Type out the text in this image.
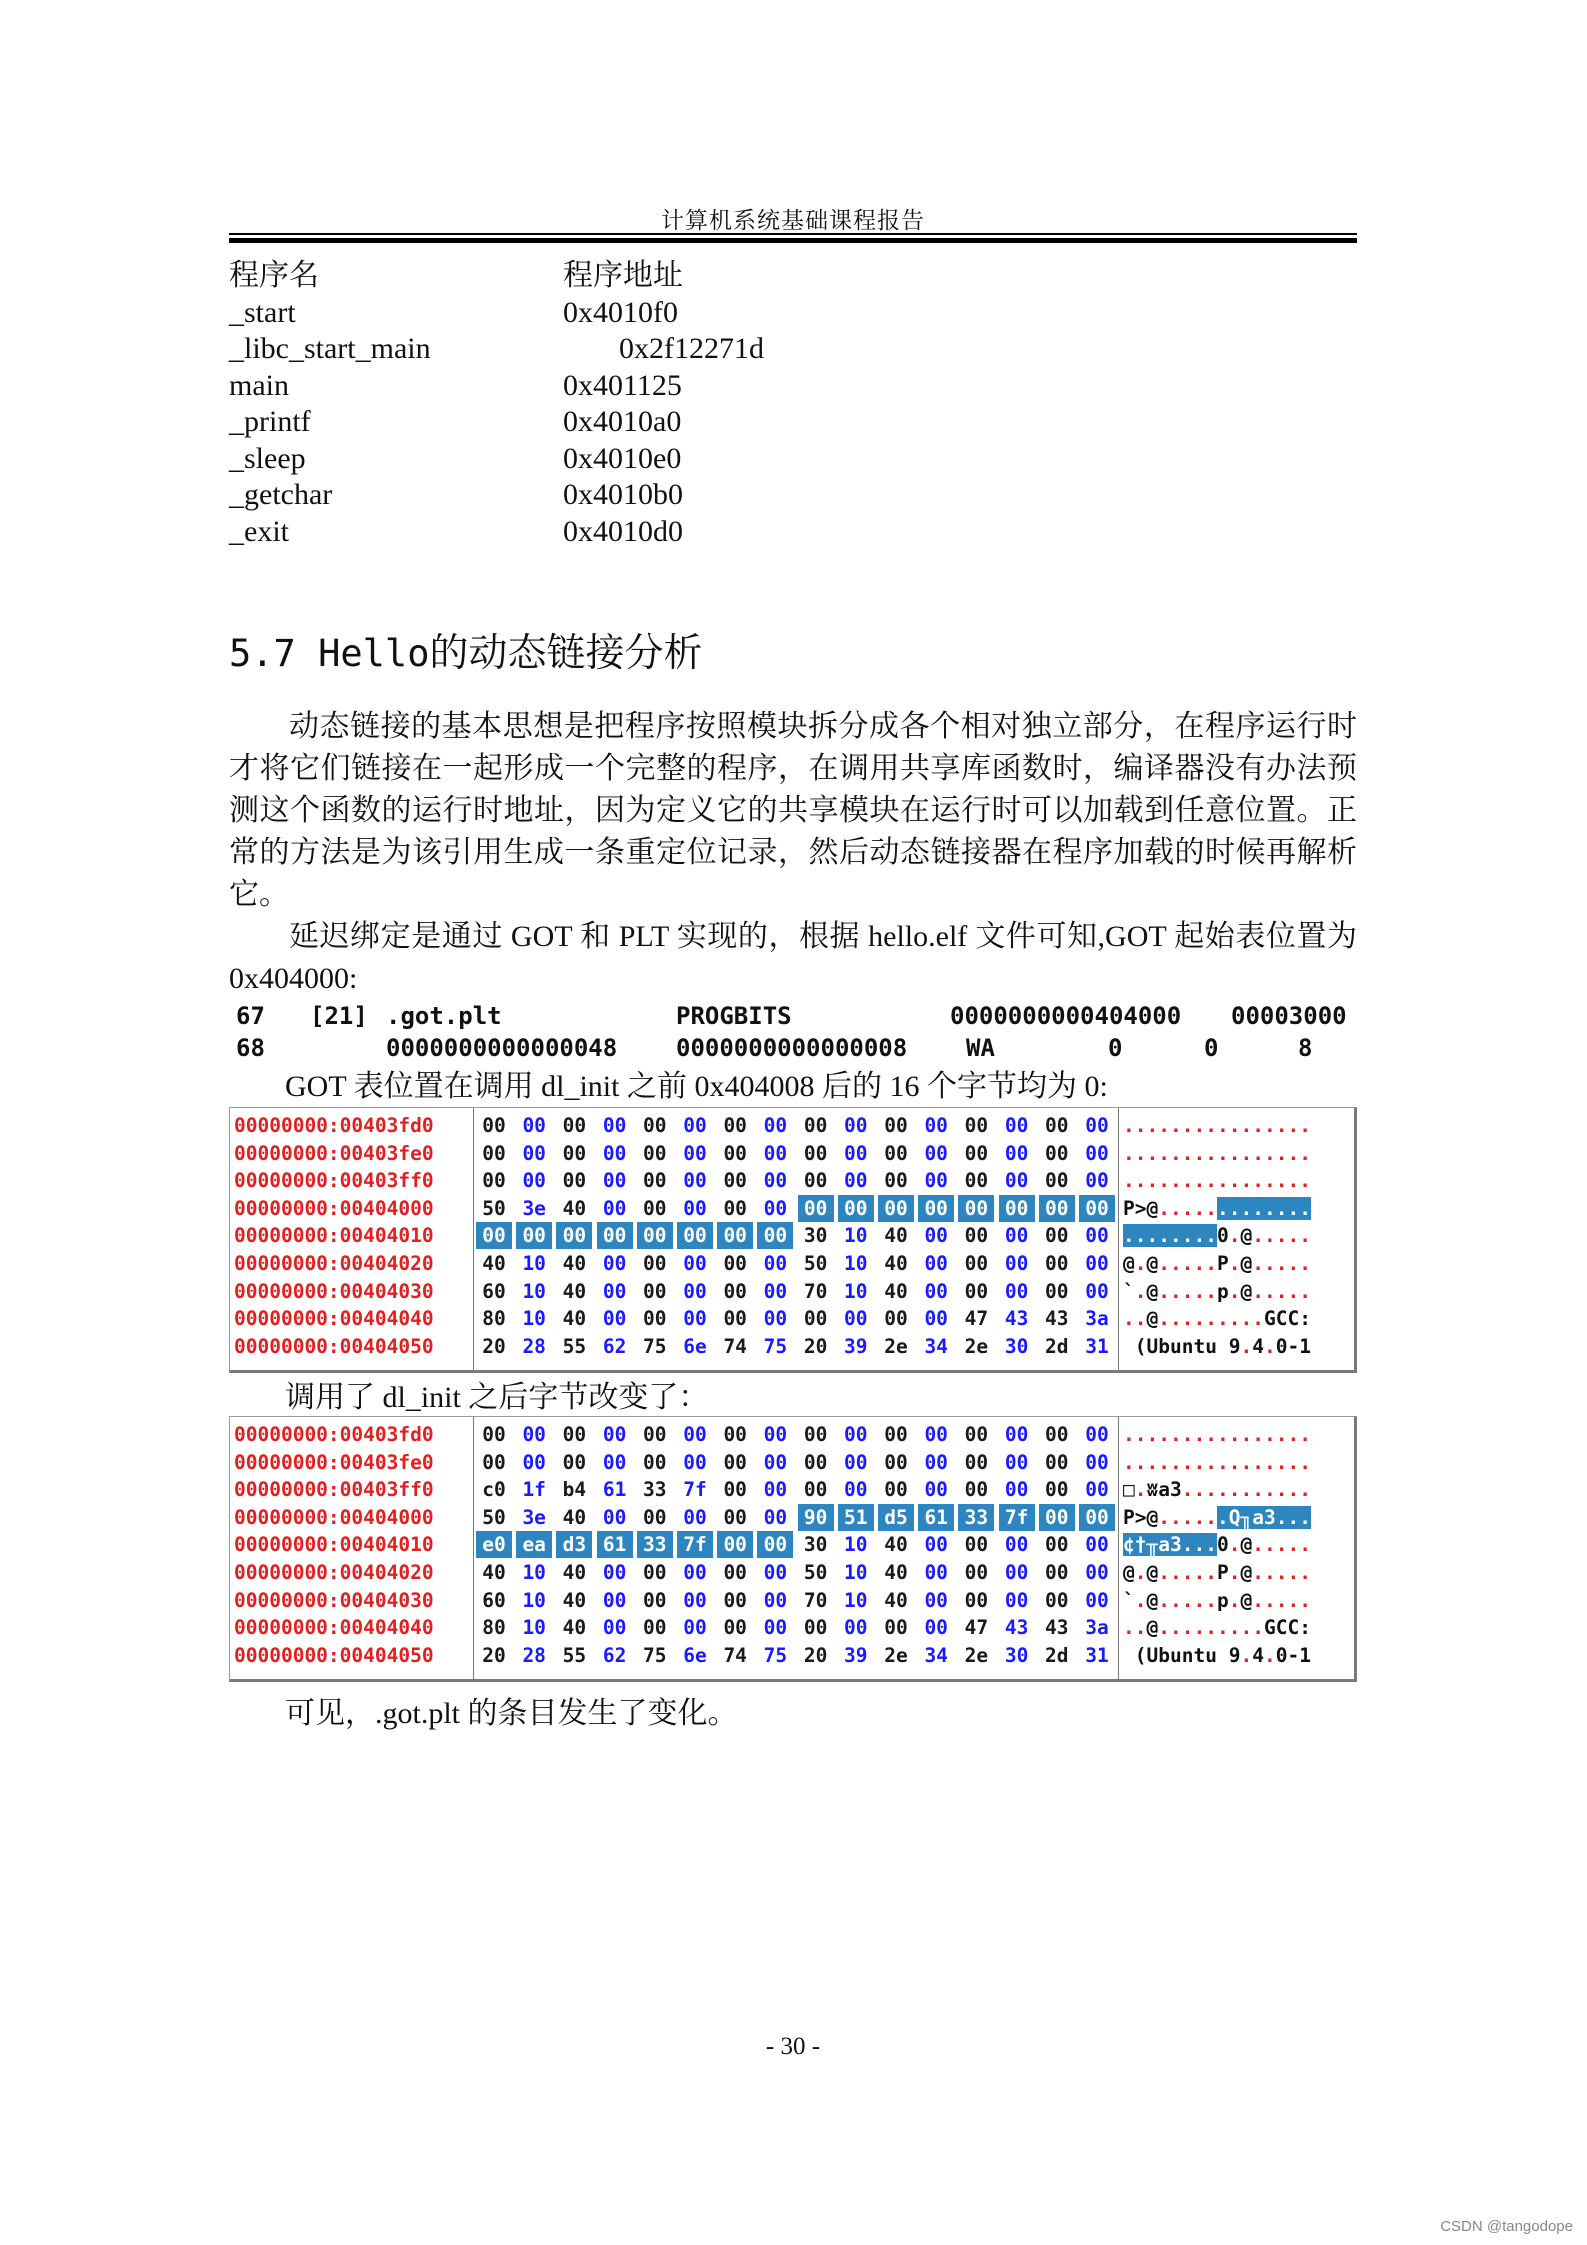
计算机系统基础课程报告
程序名	程序地址
_start	0x4010f0
_libc_start_main	0x2f12271d
main	0x401125
_printf	0x4010a0
_sleep	0x4010e0
_getchar	0x4010b0
_exit	0x4010d0
5.7 Hello的动态链接分析
动态链接的基本思想是把程序按照模块拆分成各个相对独立部分，在程序运行时才将它们链接在一起形成一个完整的程序，在调用共享库函数时，编译器没有办法预测这个函数的运行时地址，因为定义它的共享模块在运行时可以加载到任意位置。正常的方法是为该引用生成一条重定位记录，然后动态链接器在程序加载的时候再解析它。
延迟绑定是通过 GOT 和 PLT 实现的，根据 hello.elf 文件可知,GOT 起始表位置为 0x404000:
67 [21] .got.plt	PROGBITS	0000000000404000 00003000
68	0000000000000048 0000000000000008 WA	0	0	8
GOT 表位置在调用 dl_init 之前 0x404008 后的 16 个字节均为 0:
00000000:00403fd0	00 00 00 00 00 00 00 00 00 00 00 00 00 00 00 00 ................
00000000:00403fe0	00 00 00 00 00 00 00 00 00 00 00 00 00 00 00 00 ................
00000000:00403ff0	00 00 00 00 00 00 00 00 00 00 00 00 00 00 00 00 ................
00000000:00404000	50 3e 40 00 00 00 00 00 00 00 00 00 00 00 00 00 P>@.............
00000000:00404010	00 00 00 00 00 00 00 00 30 10 40 00 00 00 00 00 ........0.@.....
00000000:00404020	40 10 40 00 00 00 00 00 50 10 40 00 00 00 00 00 @.@.....P.@.....
00000000:00404030	60 10 40 00 00 00 00 00 70 10 40 00 00 00 00 00 `.@.....p.@.....
00000000:00404040	80 10 40 00 00 00 00 00 00 00 00 00 47 43 43 3a ..@.........GCC:
00000000:00404050	20 28 55 62 75 6e 74 75 20 39 2e 34 2e 30 2d 31	(Ubuntu 9.4.0-1
调用了 dl_init 之后字节改变了：
00000000:00403fd0	00 00 00 00 00 00 00 00 00 00 00 00 00 00 00 00 ................
00000000:00403fe0	00 00 00 00 00 00 00 00 00 00 00 00 00 00 00 00 ................
00000000:00403ff0	c0 1f b4 61 33 7f 00 00 00 00 00 00 00 00 00 00 □.ʬa3...........
00000000:00404000	50 3e 40 00 00 00 00 00 90 51 d5 61 33 7f 00 00 P>@......Q╖a3...
00000000:00404010	e0 ea d3 61 33 7f 00 00 30 10 40 00 00 00 00 00 ¢†╥a3...0.@.....
00000000:00404020	40 10 40 00 00 00 00 00 50 10 40 00 00 00 00 00 @.@.....P.@.....
00000000:00404030	60 10 40 00 00 00 00 00 70 10 40 00 00 00 00 00 `.@.....p.@.....
00000000:00404040	80 10 40 00 00 00 00 00 00 00 00 00 47 43 43 3a ..@.........GCC:
00000000:00404050	20 28 55 62 75 6e 74 75 20 39 2e 34 2e 30 2d 31	(Ubuntu 9.4.0-1
可见，.got.plt 的条目发生了变化。
- 30 -
CSDN @tangodope
